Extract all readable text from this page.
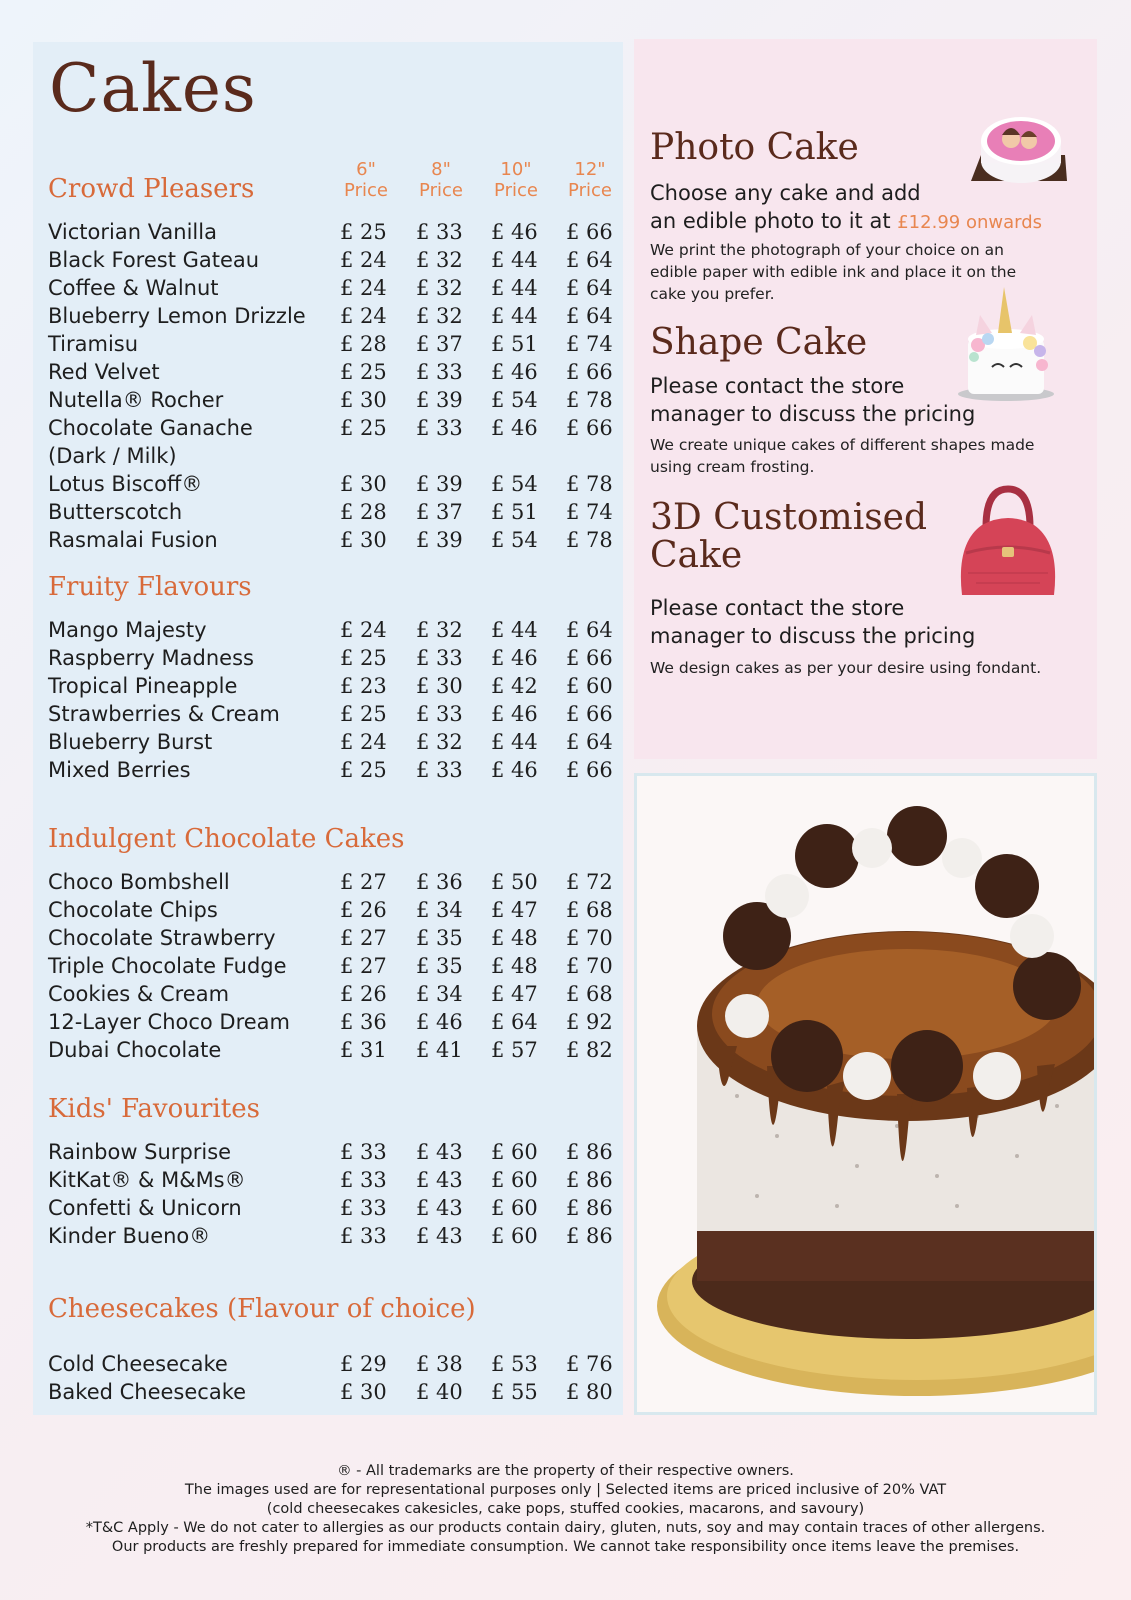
Cakes
Crowd Pleasers
6"
Price
8"
Price
10"
Price
12"
Price
Victorian Vanilla	£ 25 £ 33 £ 46 £ 66
Black Forest Gateau	£ 24 £ 32 £ 44 £ 64
Coffee & Walnut	£ 24 £ 32 £ 44 £ 64
Blueberry Lemon Drizzle £ 24 £ 32 £ 44 £ 64
Tiramisu	£ 28 £ 37 £ 51 £ 74
Red Velvet	£ 25 £ 33 £ 46 £ 66
Nutella® Rocher	£ 30 £ 39 £ 54 £ 78
Chocolate Ganache
(Dark / Milk)
£ 25 £ 33 £ 46 £ 66
Lotus Biscoff®	£ 30 £ 39 £ 54 £ 78
Butterscotch	£ 28 £ 37 £ 51 £ 74
Rasmalai Fusion	£ 30 £ 39 £ 54 £ 78
Fruity Flavours
Mango Majesty	£ 24 £ 32 £ 44 £ 64
Raspberry Madness	£ 25 £ 33 £ 46 £ 66
Tropical Pineapple	£ 23 £ 30 £ 42 £ 60
Strawberries & Cream	£ 25 £ 33 £ 46 £ 66
Blueberry Burst	£ 24 £ 32 £ 44 £ 64
Mixed Berries	£ 25 £ 33 £ 46 £ 66
Indulgent Chocolate Cakes
Choco Bombshell	£ 27 £ 36 £ 50 £ 72
Chocolate Chips	£ 26 £ 34 £ 47 £ 68
Chocolate Strawberry	£ 27 £ 35 £ 48 £ 70
Triple Chocolate Fudge	£ 27 £ 35 £ 48 £ 70
Cookies & Cream	£ 26 £ 34 £ 47 £ 68
12-Layer Choco Dream £ 36 £ 46 £ 64 £ 92
Dubai Chocolate	£ 31 £ 41 £ 57 £ 82
Kids' Favourites
Rainbow Surprise	£ 33 £ 43 £ 60 £ 86
KitKat® & M&Ms®	£ 33 £ 43 £ 60 £ 86
Confetti & Unicorn	£ 33 £ 43 £ 60 £ 86
Kinder Bueno®	£ 33 £ 43 £ 60 £ 86
Cheesecakes (Flavour of choice)
Cold Cheesecake	£ 29 £ 38 £ 53 £ 76
Baked Cheesecake	£ 30 £ 40 £ 55 £ 80
Photo Cake
Choose any cake and add
an edible photo to it at £12.99 onwards
We print the photograph of your choice on an
edible paper with edible ink and place it on the
cake you prefer.
Shape Cake
Please contact the store
manager to discuss the pricing
We create unique cakes of different shapes made
using cream frosting.
3D Customised
Cake
Please contact the store
manager to discuss the pricing
We design cakes as per your desire using fondant.
® - All trademarks are the property of their respective owners.
The images used are for representational purposes only | Selected items are priced inclusive of 20% VAT
(cold cheesecakes cakesicles, cake pops, stuffed cookies, macarons, and savoury)
*T&C Apply - We do not cater to allergies as our products contain dairy, gluten, nuts, soy and may contain traces of other allergens.
Our products are freshly prepared for immediate consumption. We cannot take responsibility once items leave the premises.
